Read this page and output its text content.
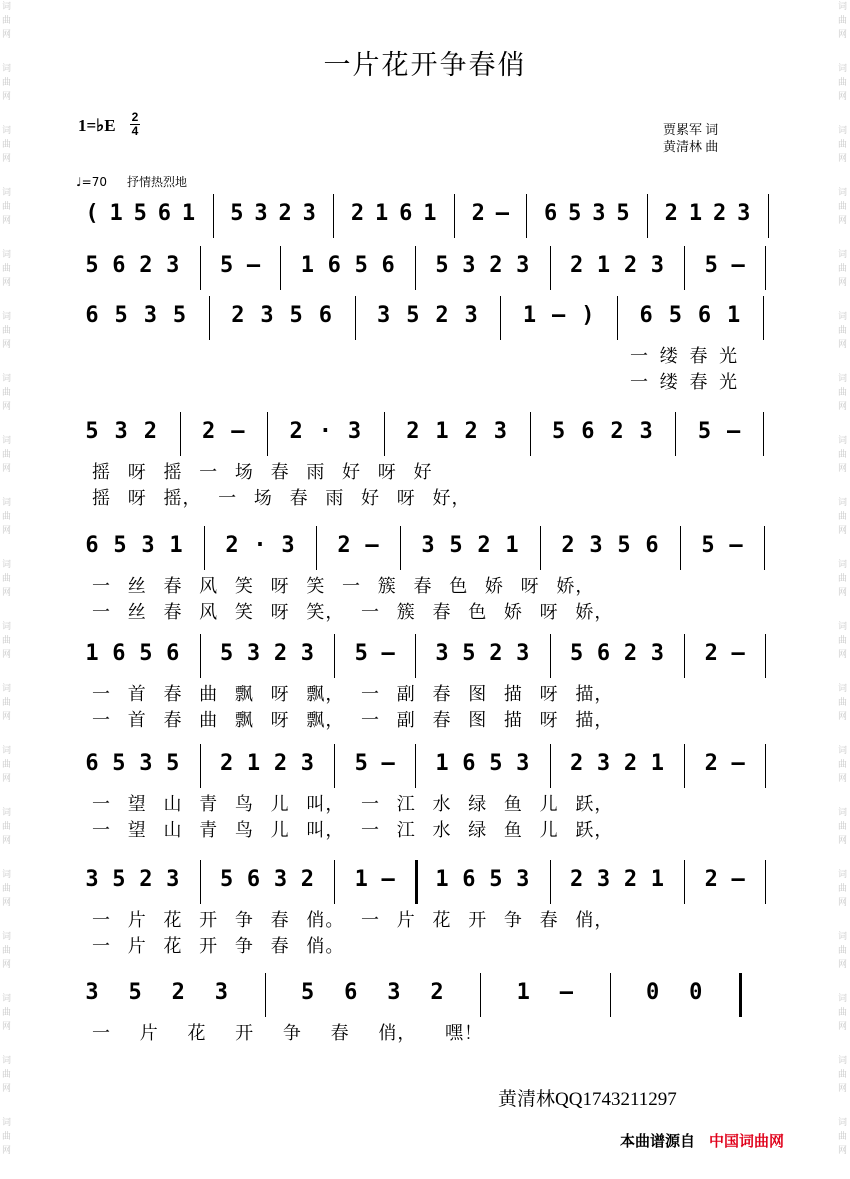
词
曲
网
词
曲
网
词
曲
网
词
曲
网
词
曲
网
词
曲
网
词
曲
网
词
曲
网
词
曲
网
词
曲
网
词
曲
网
词
曲
网
词
曲
网
词
曲
网
词
曲
网
词
曲
网
词
曲
网
词
曲
网
词
曲
网
词
曲
网
词
曲
网
词
曲
网
词
曲
网
词
曲
网
词
曲
网
词
曲
网
词
曲
网
词
曲
网
词
曲
网
词
曲
网
词
曲
网
词
曲
网
词
曲
网
词
曲
网
词
曲
网
词
曲
网
词
曲
网
词
曲
网
一片花开争春俏
1=♭E 2
4	贾累军 词
黄清林 曲
♩=70 抒情热烈地
( 1 5 6 1 5 3 2 3 2 1 6 1 2 – 6 5 3 5 2 1 2 3
5 6 2 3 5 – 1 6 5 6 5 3 2 3 2 1 2 3 5 –
6 5 3 5 2 3 5 6 3 5 2 3 1 – ) 6 5 6 1
一 缕 春 光
一 缕 春 光
5 3 2 2 – 2 · 3 2 1 2 3 5 6 2 3 5 –
摇 呀 摇 一 场 春 雨 好 呀 好
摇 呀 摇， 一 场 春 雨 好 呀 好，
6 5 3 1 2 · 3 2 – 3 5 2 1 2 3 5 6 5 –
一 丝 春 风 笑 呀 笑 一 簇 春 色 娇 呀 娇，
一 丝 春 风 笑 呀 笑， 一 簇 春 色 娇 呀 娇，
1 6 5 6 5 3 2 3 5 – 3 5 2 3 5 6 2 3 2 –
一 首 春 曲 飘 呀 飘， 一 副 春 图 描 呀 描，
一 首 春 曲 飘 呀 飘， 一 副 春 图 描 呀 描，
6 5 3 5 2 1 2 3 5 – 1 6 5 3 2 3 2 1 2 –
一 望 山 青 鸟 儿 叫， 一 江 水 绿 鱼 儿 跃，
一 望 山 青 鸟 儿 叫， 一 江 水 绿 鱼 儿 跃，
3 5 2 3 5 6 3 2 1 – 1 6 5 3 2 3 2 1 2 –
一 片 花 开 争 春 俏。 一 片 花 开 争 春 俏，
一 片 花 开 争 春 俏。
3 5 2 3	5 6 3 2	1 –	0 0
一 片 花 开 争 春 俏， 嘿！
黄清林QQ1743211297
本曲谱源自 中国词曲网
